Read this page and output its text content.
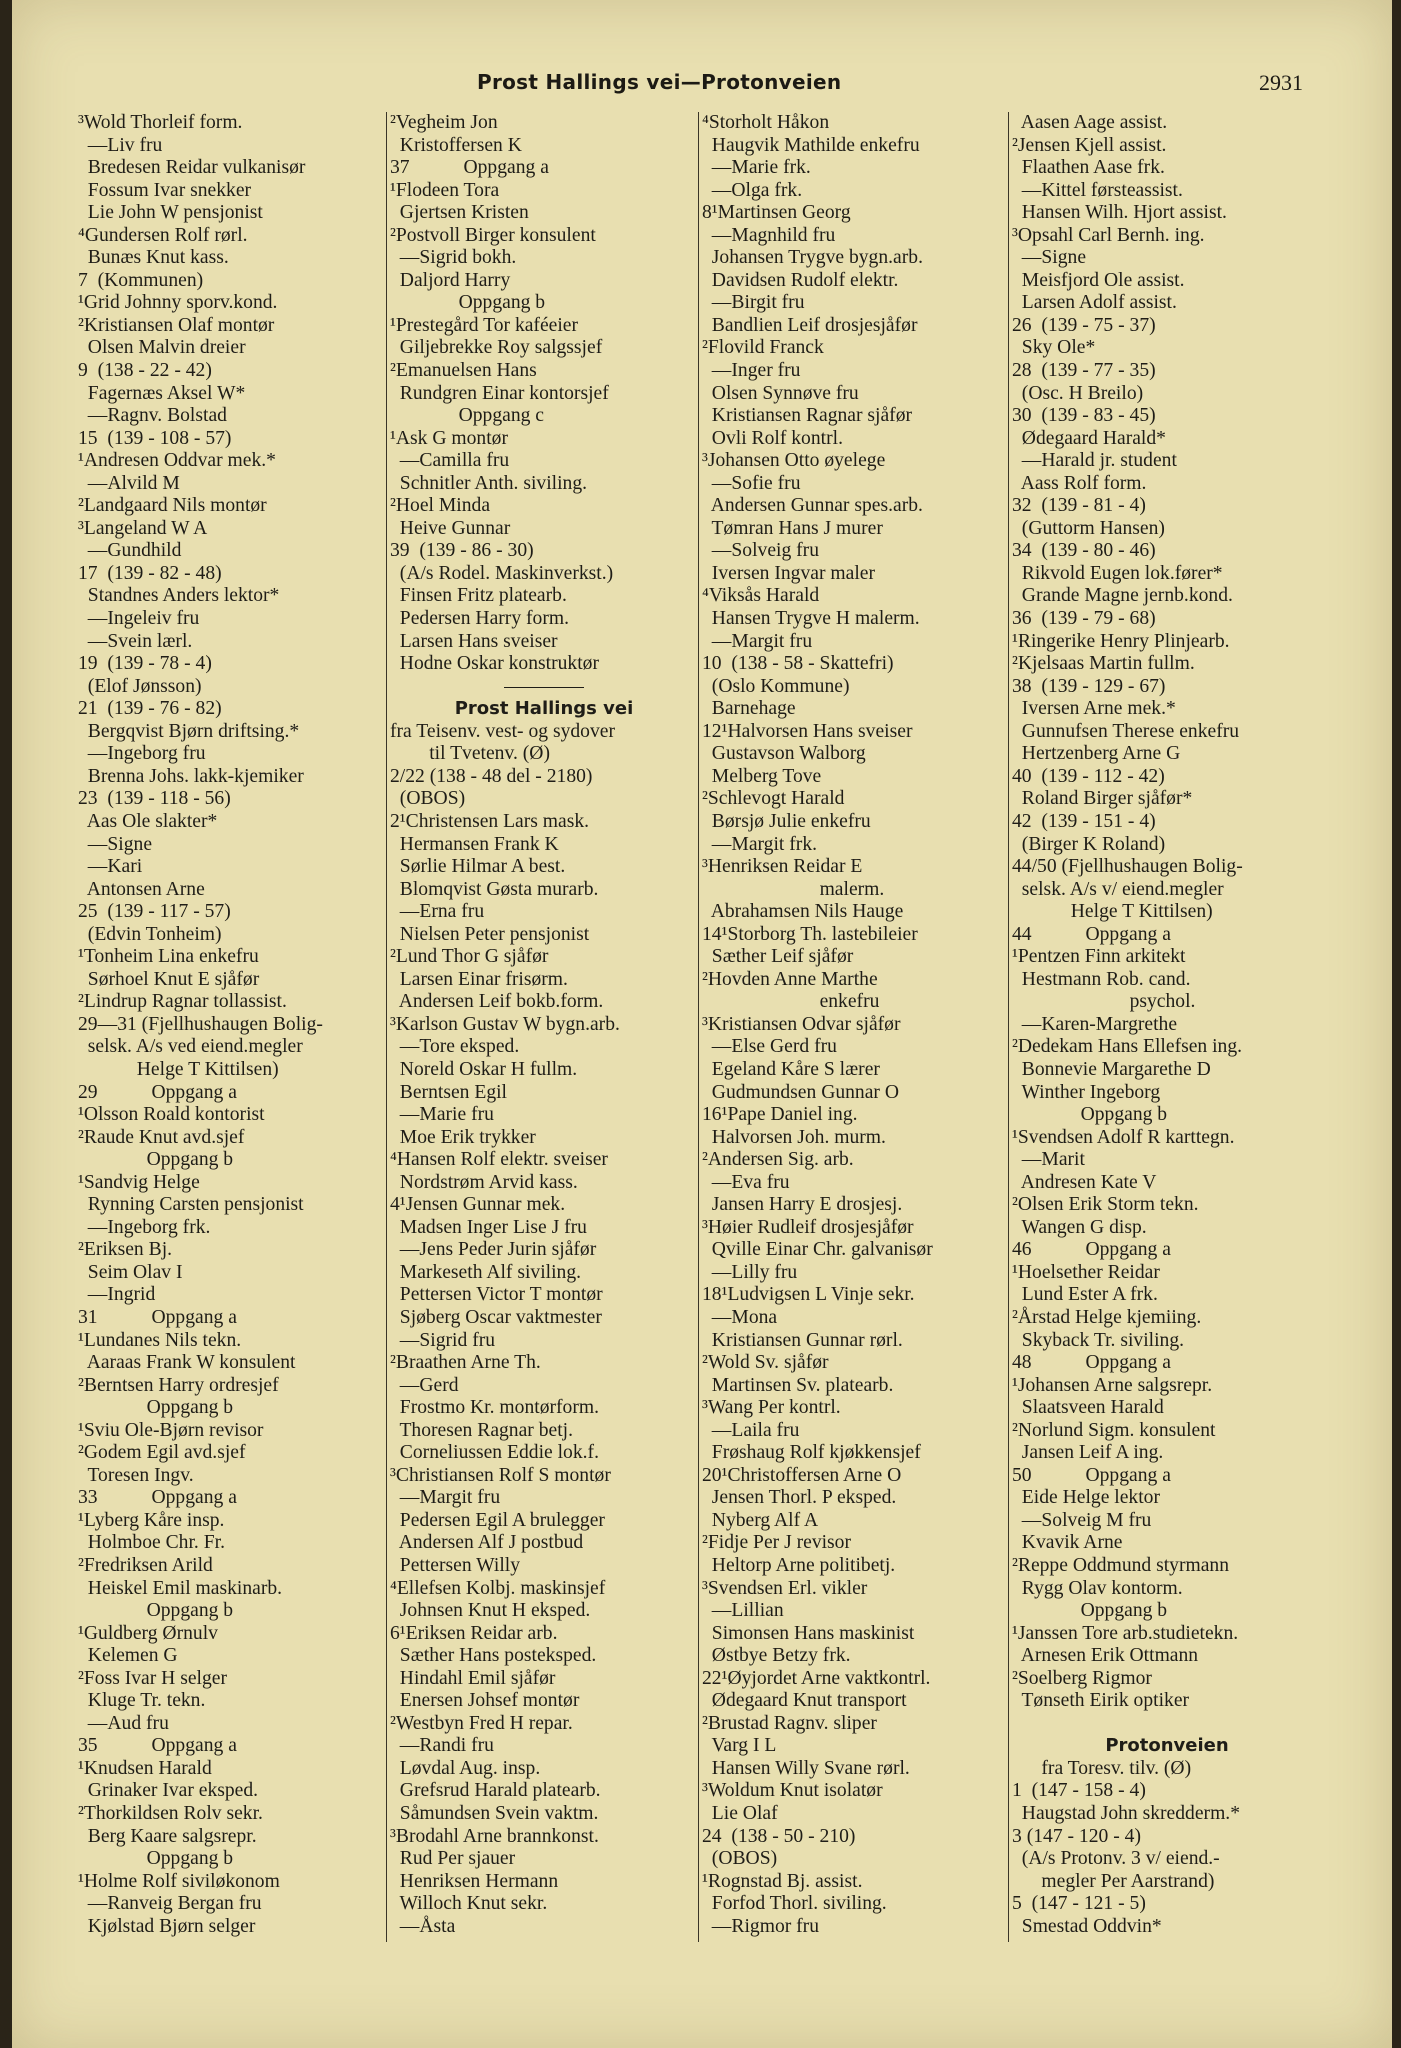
Prost Hallings vei—Protonveien	2931
³Wold Thorleif form.
—Liv fru
Bredesen Reidar vulkanisør
Fossum Ivar snekker
Lie John W pensjonist
⁴Gundersen Rolf rørl.
Bunæs Knut kass.
7  (Kommunen)
¹Grid Johnny sporv.kond.
²Kristiansen Olaf montør
Olsen Malvin dreier
9  (138 - 22 - 42)
Fagernæs Aksel W*
—Ragnv. Bolstad
15  (139 - 108 - 57)
¹Andresen Oddvar mek.*
—Alvild M
²Landgaard Nils montør
³Langeland W A
—Gundhild
17  (139 - 82 - 48)
Standnes Anders lektor*
—Ingeleiv fru
—Svein lærl.
19  (139 - 78 - 4)
(Elof Jønsson)
21  (139 - 76 - 82)
Bergqvist Bjørn driftsing.*
—Ingeborg fru
Brenna Johs. lakk-kjemiker
23  (139 - 118 - 56)
Aas Ole slakter*
—Signe
—Kari
Antonsen Arne
25  (139 - 117 - 57)
(Edvin Tonheim)
¹Tonheim Lina enkefru
Sørhoel Knut E sjåfør
²Lindrup Ragnar tollassist.
29—31 (Fjellhushaugen Bolig-
selsk. A/s ved eiend.megler
Helge T Kittilsen)
29           Oppgang a
¹Olsson Roald kontorist
²Raude Knut avd.sjef
Oppgang b
¹Sandvig Helge
Rynning Carsten pensjonist
—Ingeborg frk.
²Eriksen Bj.
Seim Olav I
—Ingrid
31           Oppgang a
¹Lundanes Nils tekn.
Aaraas Frank W konsulent
²Berntsen Harry ordresjef
Oppgang b
¹Sviu Ole-Bjørn revisor
²Godem Egil avd.sjef
Toresen Ingv.
33           Oppgang a
¹Lyberg Kåre insp.
Holmboe Chr. Fr.
²Fredriksen Arild
Heiskel Emil maskinarb.
Oppgang b
¹Guldberg Ørnulv
Kelemen G
²Foss Ivar H selger
Kluge Tr. tekn.
—Aud fru
35           Oppgang a
¹Knudsen Harald
Grinaker Ivar eksped.
²Thorkildsen Rolv sekr.
Berg Kaare salgsrepr.
Oppgang b
¹Holme Rolf siviløkonom
—Ranveig Bergan fru
Kjølstad Bjørn selger
²Vegheim Jon
Kristoffersen K
37           Oppgang a
¹Flodeen Tora
Gjertsen Kristen
²Postvoll Birger konsulent
—Sigrid bokh.
Daljord Harry
Oppgang b
¹Prestegård Tor kaféeier
Giljebrekke Roy salgssjef
²Emanuelsen Hans
Rundgren Einar kontorsjef
Oppgang c
¹Ask G montør
—Camilla fru
Schnitler Anth. siviling.
²Hoel Minda
Heive Gunnar
39  (139 - 86 - 30)
(A/s Rodel. Maskinverkst.)
Finsen Fritz platearb.
Pedersen Harry form.
Larsen Hans sveiser
Hodne Oskar konstruktør
Prost Hallings vei
fra Teisenv. vest- og sydover
til Tvetenv. (Ø)
2/22 (138 - 48 del - 2180)
(OBOS)
2¹Christensen Lars mask.
Hermansen Frank K
Sørlie Hilmar A best.
Blomqvist Gøsta murarb.
—Erna fru
Nielsen Peter pensjonist
²Lund Thor G sjåfør
Larsen Einar frisørm.
Andersen Leif bokb.form.
³Karlson Gustav W bygn.arb.
—Tore eksped.
Noreld Oskar H fullm.
Berntsen Egil
—Marie fru
Moe Erik trykker
⁴Hansen Rolf elektr. sveiser
Nordstrøm Arvid kass.
4¹Jensen Gunnar mek.
Madsen Inger Lise J fru
—Jens Peder Jurin sjåfør
Markeseth Alf siviling.
Pettersen Victor T montør
Sjøberg Oscar vaktmester
—Sigrid fru
²Braathen Arne Th.
—Gerd
Frostmo Kr. montørform.
Thoresen Ragnar betj.
Corneliussen Eddie lok.f.
³Christiansen Rolf S montør
—Margit fru
Pedersen Egil A brulegger
Andersen Alf J postbud
Pettersen Willy
⁴Ellefsen Kolbj. maskinsjef
Johnsen Knut H eksped.
6¹Eriksen Reidar arb.
Sæther Hans posteksped.
Hindahl Emil sjåfør
Enersen Johsef montør
²Westbyn Fred H repar.
—Randi fru
Løvdal Aug. insp.
Grefsrud Harald platearb.
Såmundsen Svein vaktm.
³Brodahl Arne brannkonst.
Rud Per sjauer
Henriksen Hermann
Willoch Knut sekr.
—Åsta
⁴Storholt Håkon
Haugvik Mathilde enkefru
—Marie frk.
—Olga frk.
8¹Martinsen Georg
—Magnhild fru
Johansen Trygve bygn.arb.
Davidsen Rudolf elektr.
—Birgit fru
Bandlien Leif drosjesjåfør
²Flovild Franck
—Inger fru
Olsen Synnøve fru
Kristiansen Ragnar sjåfør
Ovli Rolf kontrl.
³Johansen Otto øyelege
—Sofie fru
Andersen Gunnar spes.arb.
Tømran Hans J murer
—Solveig fru
Iversen Ingvar maler
⁴Viksås Harald
Hansen Trygve H malerm.
—Margit fru
10  (138 - 58 - Skattefri)
(Oslo Kommune)
Barnehage
12¹Halvorsen Hans sveiser
Gustavson Walborg
Melberg Tove
²Schlevogt Harald
Børsjø Julie enkefru
—Margit frk.
³Henriksen Reidar E
malerm.
Abrahamsen Nils Hauge
14¹Storborg Th. lastebileier
Sæther Leif sjåfør
²Hovden Anne Marthe
enkefru
³Kristiansen Odvar sjåfør
—Else Gerd fru
Egeland Kåre S lærer
Gudmundsen Gunnar O
16¹Pape Daniel ing.
Halvorsen Joh. murm.
²Andersen Sig. arb.
—Eva fru
Jansen Harry E drosjesj.
³Høier Rudleif drosjesjåfør
Qville Einar Chr. galvanisør
—Lilly fru
18¹Ludvigsen L Vinje sekr.
—Mona
Kristiansen Gunnar rørl.
²Wold Sv. sjåfør
Martinsen Sv. platearb.
³Wang Per kontrl.
—Laila fru
Frøshaug Rolf kjøkkensjef
20¹Christoffersen Arne O
Jensen Thorl. P eksped.
Nyberg Alf A
²Fidje Per J revisor
Heltorp Arne politibetj.
³Svendsen Erl. vikler
—Lillian
Simonsen Hans maskinist
Østbye Betzy frk.
22¹Øyjordet Arne vaktkontrl.
Ødegaard Knut transport
²Brustad Ragnv. sliper
Varg I L
Hansen Willy Svane rørl.
³Woldum Knut isolatør
Lie Olaf
24  (138 - 50 - 210)
(OBOS)
¹Rognstad Bj. assist.
Forfod Thorl. siviling.
—Rigmor fru
Aasen Aage assist.
²Jensen Kjell assist.
Flaathen Aase frk.
—Kittel førsteassist.
Hansen Wilh. Hjort assist.
³Opsahl Carl Bernh. ing.
—Signe
Meisfjord Ole assist.
Larsen Adolf assist.
26  (139 - 75 - 37)
Sky Ole*
28  (139 - 77 - 35)
(Osc. H Breilo)
30  (139 - 83 - 45)
Ødegaard Harald*
—Harald jr. student
Aass Rolf form.
32  (139 - 81 - 4)
(Guttorm Hansen)
34  (139 - 80 - 46)
Rikvold Eugen lok.fører*
Grande Magne jernb.kond.
36  (139 - 79 - 68)
¹Ringerike Henry Plinjearb.
²Kjelsaas Martin fullm.
38  (139 - 129 - 67)
Iversen Arne mek.*
Gunnufsen Therese enkefru
Hertzenberg Arne G
40  (139 - 112 - 42)
Roland Birger sjåfør*
42  (139 - 151 - 4)
(Birger K Roland)
44/50 (Fjellhushaugen Bolig-
selsk. A/s v/ eiend.megler
Helge T Kittilsen)
44           Oppgang a
¹Pentzen Finn arkitekt
Hestmann Rob. cand.
psychol.
—Karen-Margrethe
²Dedekam Hans Ellefsen ing.
Bonnevie Margarethe D
Winther Ingeborg
Oppgang b
¹Svendsen Adolf R karttegn.
—Marit
Andresen Kate V
²Olsen Erik Storm tekn.
Wangen G disp.
46           Oppgang a
¹Hoelsether Reidar
Lund Ester A frk.
²Årstad Helge kjemiing.
Skyback Tr. siviling.
48           Oppgang a
¹Johansen Arne salgsrepr.
Slaatsveen Harald
²Norlund Sigm. konsulent
Jansen Leif A ing.
50           Oppgang a
Eide Helge lektor
—Solveig M fru
Kvavik Arne
²Reppe Oddmund styrmann
Rygg Olav kontorm.
Oppgang b
¹Janssen Tore arb.studietekn.
Arnesen Erik Ottmann
²Soelberg Rigmor
Tønseth Eirik optiker
Protonveien
fra Toresv. tilv. (Ø)
1  (147 - 158 - 4)
Haugstad John skredderm.*
3 (147 - 120 - 4)
(A/s Protonv. 3 v/ eiend.-
megler Per Aarstrand)
5  (147 - 121 - 5)
Smestad Oddvin*
